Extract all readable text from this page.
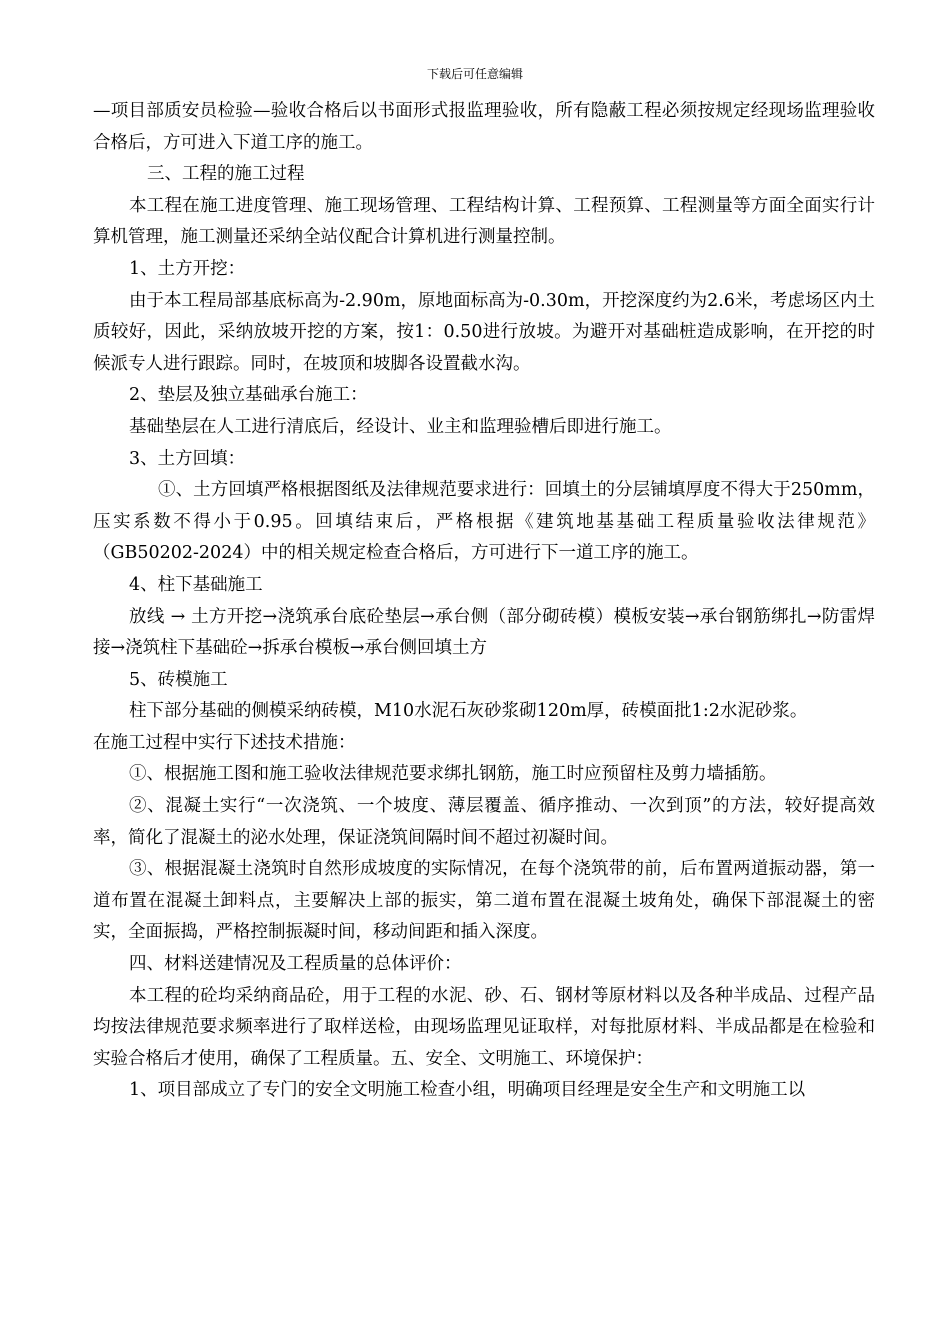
下载后可任意编辑

—项目部质安员检验—验收合格后以书面形式报监理验收，所有隐蔽工程必须按规定经现场监理验收合格后，方可进入下道工序的施工。

三、工程的施工过程

本工程在施工进度管理、施工现场管理、工程结构计算、工程预算、工程测量等方面全面实行计算机管理，施工测量还采纳全站仪配合计算机进行测量控制。

1、土方开挖：

由于本工程局部基底标高为-2.90m，原地面标高为-0.30m，开挖深度约为2.6米，考虑场区内土质较好，因此，采纳放坡开挖的方案，按1：0.50进行放坡。为避开对基础桩造成影响，在开挖的时候派专人进行跟踪。同时，在坡顶和坡脚各设置截水沟。

2、垫层及独立基础承台施工：

基础垫层在人工进行清底后，经设计、业主和监理验槽后即进行施工。

3、土方回填：

①、土方回填严格根据图纸及法律规范要求进行：回填土的分层铺填厚度不得大于250mm，压实系数不得小于0.95。回填结束后，严格根据《建筑地基基础工程质量验收法律规范》（GB50202-2024）中的相关规定检查合格后，方可进行下一道工序的施工。

4、柱下基础施工

放线 → 土方开挖→浇筑承台底砼垫层→承台侧（部分砌砖模）模板安装→承台钢筋绑扎→防雷焊接→浇筑柱下基础砼→拆承台模板→承台侧回填土方

5、砖模施工

柱下部分基础的侧模采纳砖模，M10水泥石灰砂浆砌120m厚，砖模面批1:2水泥砂浆。

在施工过程中实行下述技术措施：

①、根据施工图和施工验收法律规范要求绑扎钢筋，施工时应预留柱及剪力墙插筋。

②、混凝土实行“一次浇筑、一个坡度、薄层覆盖、循序推动、一次到顶”的方法，较好提高效率，简化了混凝土的泌水处理，保证浇筑间隔时间不超过初凝时间。

③、根据混凝土浇筑时自然形成坡度的实际情况，在每个浇筑带的前，后布置两道振动器，第一道布置在混凝土卸料点，主要解决上部的振实，第二道布置在混凝土坡角处，确保下部混凝土的密实，全面振捣，严格控制振凝时间，移动间距和插入深度。

四、材料送建情况及工程质量的总体评价：

本工程的砼均采纳商品砼，用于工程的水泥、砂、石、钢材等原材料以及各种半成品、过程产品均按法律规范要求频率进行了取样送检，由现场监理见证取样，对每批原材料、半成品都是在检验和实验合格后才使用，确保了工程质量。五、安全、文明施工、环境保护：

1、项目部成立了专门的安全文明施工检查小组，明确项目经理是安全生产和文明施工以
